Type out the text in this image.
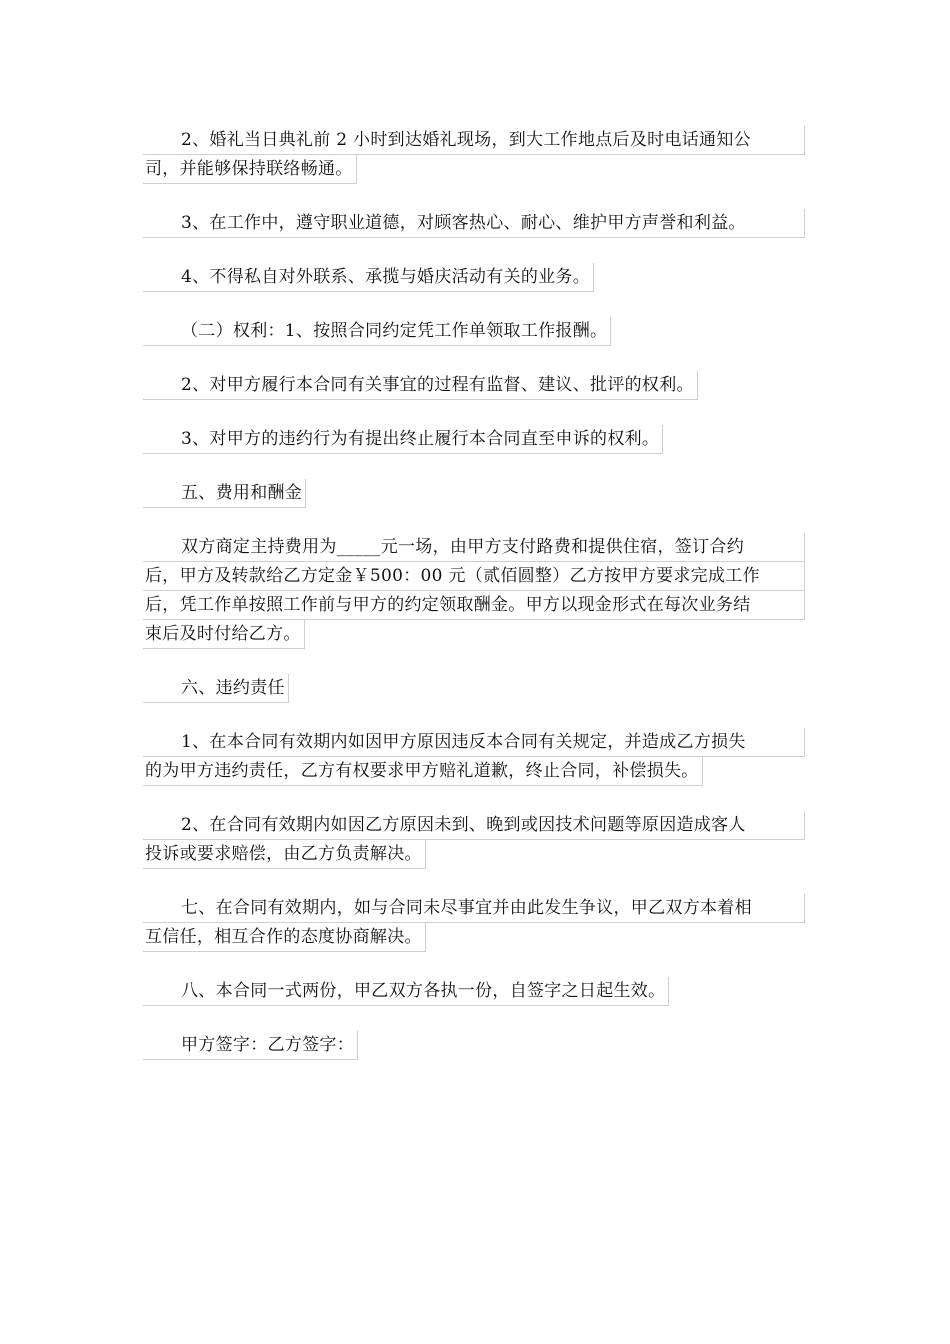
2、婚礼当日典礼前 2 小时到达婚礼现场，到大工作地点后及时电话通知公
司，并能够保持联络畅通。

3、在工作中，遵守职业道德，对顾客热心、耐心、维护甲方声誉和利益。

4、不得私自对外联系、承揽与婚庆活动有关的业务。

（二）权利：1、按照合同约定凭工作单领取工作报酬。

2、对甲方履行本合同有关事宜的过程有监督、建议、批评的权利。

3、对甲方的违约行为有提出终止履行本合同直至申诉的权利。

五、费用和酬金

双方商定主持费用为_____元一场，由甲方支付路费和提供住宿，签订合约
后，甲方及转款给乙方定金￥500：00 元（贰佰圆整）乙方按甲方要求完成工作
后，凭工作单按照工作前与甲方的约定领取酬金。甲方以现金形式在每次业务结
束后及时付给乙方。

六、违约责任

1、在本合同有效期内如因甲方原因违反本合同有关规定，并造成乙方损失
的为甲方违约责任，乙方有权要求甲方赔礼道歉，终止合同，补偿损失。

2、在合同有效期内如因乙方原因未到、晚到或因技术问题等原因造成客人
投诉或要求赔偿，由乙方负责解决。

七、在合同有效期内，如与合同未尽事宜并由此发生争议，甲乙双方本着相
互信任，相互合作的态度协商解决。

八、本合同一式两份，甲乙双方各执一份，自签字之日起生效。

甲方签字：乙方签字：
